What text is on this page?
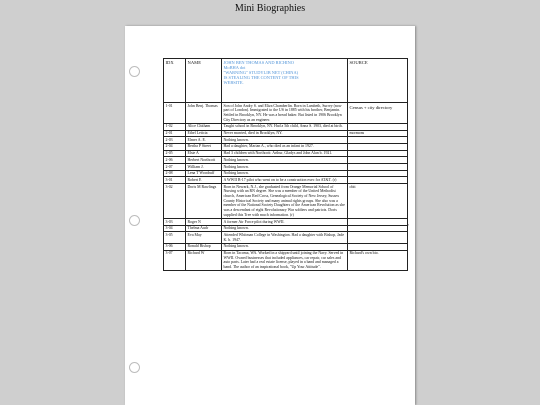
Mini Biographies
▪
IDX	NAME	JOHN BEN THOMAS AND RICHINO
MoBHA dot
"WARNING" STUDYLIB NET (CHINA)
IS STEALING THE CONTENT OF THIS
WEBSITE.	SOURCE
1-01	John Benj. Thomas	Son of John Andry S. and Eliza Chamberlin. Born in Lambeth, Surrey (now part of London). Immigrated to the US in 1885 with his brother, Benjamin. Settled in Brooklyn, NY. He was a bread baker. But listed in 1906 Brooklyn City Directory as an engineer.	Census + city directory
1-02	Alice Chitham	Taught school in Brooklyn, NY. Had a 5th child, Anna S. 1903, died at birth.	
2-01	Ethel Leticia	Never married, died in Brooklyn, NY.	mormons
2-03	Elmer A. E.	Nothing known.	
2-04	Bertha P Street	Had a daughter, Marian A., who died as an infant in 1927.	
2-05	Elsie A	Had 3 children with Northcott: Arthur, Gladys and John Alan b. 1921.	
2-06	Herbert Northcott	Nothing known.	
2-07	William J.	Nothing known.	
2-08	Lena T Woodruff	Nothing known.	
3-01	Robert E	A WWII B-17 pilot who went on to be a construction exec for AT&T. (r)	
3-02	Doris M Rawlings	Born in Newark, N.J., she graduated from Orange Memorial School of Nursing with an RN degree. She was a member of the United Methodist church, American Red Cross, Genealogical Society of New Jersey, Sussex County Historical Society and many animal rights groups. She also was a member of the National Society Daughters of the American Revolution as she was a descendant of eight Revolutionary War soldiers and patriots. Doris supplied this Tree with much information. (r)	obit
3-03	Roger N	A former Air Force pilot during WWII.	
3-04	Thelma Audr	Nothing known.	
3-05	Eva May	Attended Whitman College in Washington. Had a daughter with Bishop, Jade K. b. 1947.	
3-06	Ronald Bishop	Nothing known.	
3-07	Richard W	Born in Tacoma, WA. Worked in a shipyard until joining the Navy. Served in WWII. Owned businesses that included appliances, car repair, car sales and auto parts. Later had a real estate license, played in a band and managed a band. The author of an inspirational book, "Up Your Attitude".	Richard's own bio.
